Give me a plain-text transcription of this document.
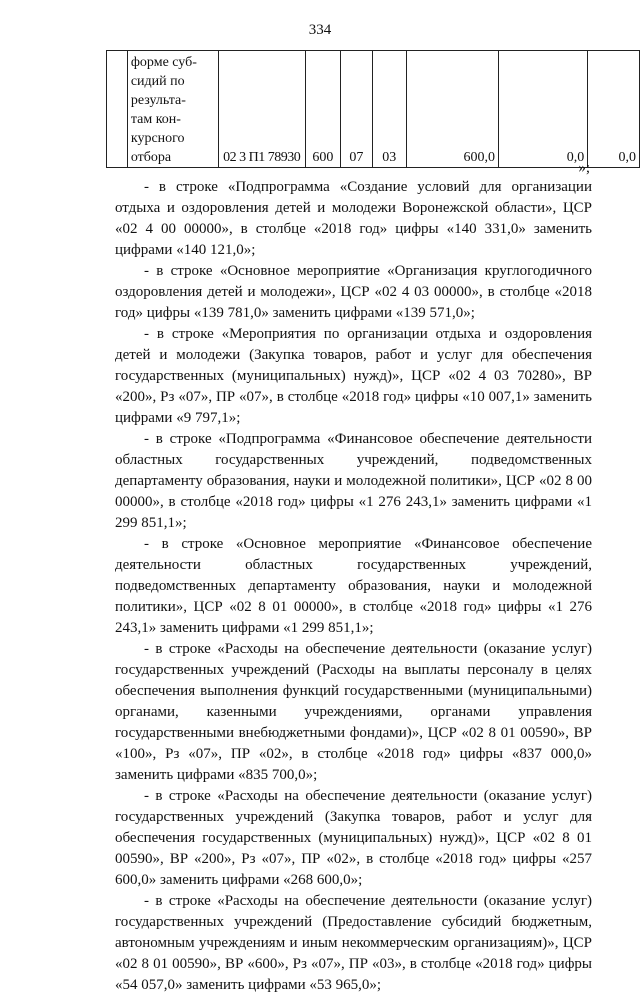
334

форме суб-
сидий по
результа-
там кон-
курсного
отбора	02 3 П1 78930	600	07	03	600,0	0,0	0,0
»;

- в строке «Подпрограмма «Создание условий для организации отдыха и оздоровления детей и молодежи Воронежской области», ЦСР «02 4 00 00000», в столбце «2018 год» цифры «140 331,0» заменить цифрами «140 121,0»;

- в строке «Основное мероприятие «Организация круглогодичного оздоровления детей и молодежи», ЦСР «02 4 03 00000», в столбце «2018 год» цифры «139 781,0» заменить цифрами «139 571,0»;

- в строке «Мероприятия по организации отдыха и оздоровления детей и молодежи (Закупка товаров, работ и услуг для обеспечения государственных (муниципальных) нужд)», ЦСР «02 4 03 70280», ВР «200», Рз «07», ПР «07», в столбце «2018 год» цифры «10 007,1» заменить цифрами «9 797,1»;

- в строке «Подпрограмма «Финансовое обеспечение деятельности областных государственных учреждений, подведомственных департаменту образования, науки и молодежной политики», ЦСР «02 8 00 00000», в столбце «2018 год» цифры «1 276 243,1» заменить цифрами «1 299 851,1»;

- в строке «Основное мероприятие «Финансовое обеспечение деятельности областных государственных учреждений, подведомственных департаменту образования, науки и молодежной политики», ЦСР «02 8 01 00000», в столбце «2018 год» цифры «1 276 243,1» заменить цифрами «1 299 851,1»;

- в строке «Расходы на обеспечение деятельности (оказание услуг) государственных учреждений (Расходы на выплаты персоналу в целях обеспечения выполнения функций государственными (муниципальными) органами, казенными учреждениями, органами управления государственными внебюджетными фондами)», ЦСР «02 8 01 00590», ВР «100», Рз «07», ПР «02», в столбце «2018 год» цифры «837 000,0» заменить цифрами «835 700,0»;

- в строке «Расходы на обеспечение деятельности (оказание услуг) государственных учреждений (Закупка товаров, работ и услуг для обеспечения государственных (муниципальных) нужд)», ЦСР «02 8 01 00590», ВР «200», Рз «07», ПР «02», в столбце «2018 год» цифры «257 600,0» заменить цифрами «268 600,0»;

- в строке «Расходы на обеспечение деятельности (оказание услуг) государственных учреждений (Предоставление субсидий бюджетным, автономным учреждениям и иным некоммерческим организациям)», ЦСР «02 8 01 00590», ВР «600», Рз «07», ПР «03», в столбце «2018 год» цифры «54 057,0» заменить цифрами «53 965,0»;
